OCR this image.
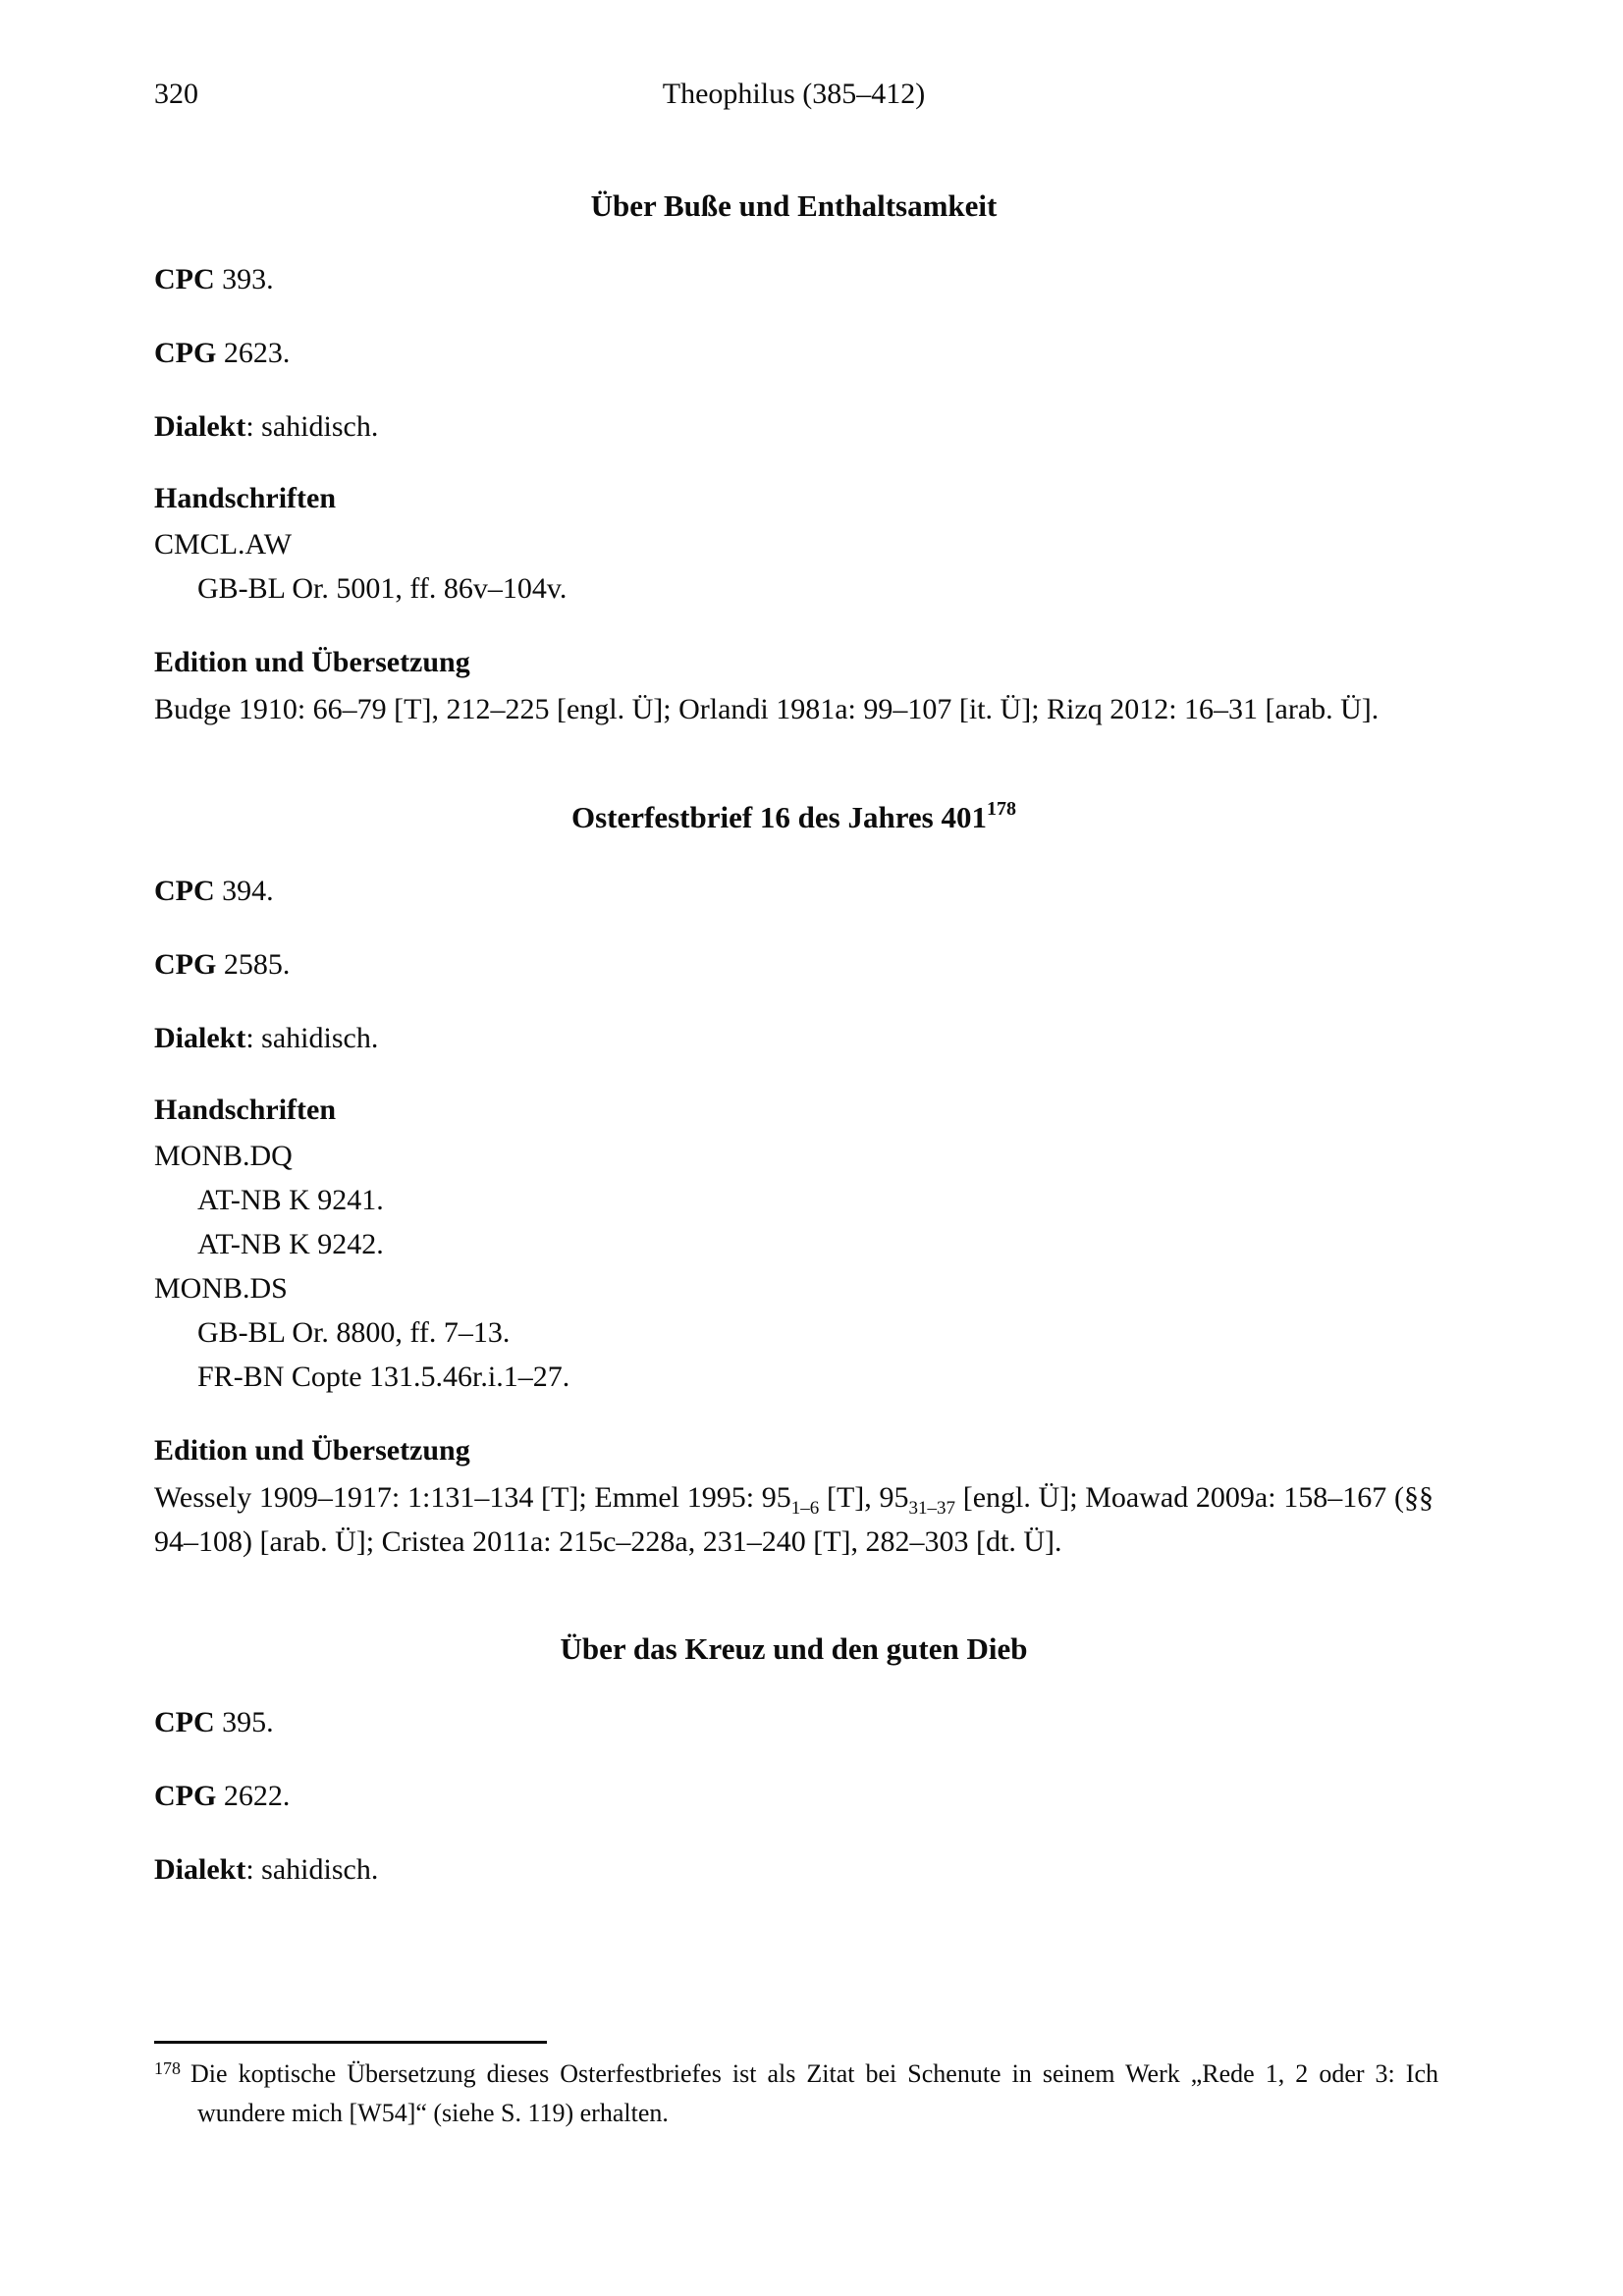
320	Theophilus (385–412)
Über Buße und Enthaltsamkeit

CPC 393.

CPG 2623.

Dialekt: sahidisch.

Handschriften

CMCL.AW
GB-BL Or. 5001, ff. 86v–104v.

Edition und Übersetzung

Budge 1910: 66–79 [T], 212–225 [engl. Ü]; Orlandi 1981a: 99–107 [it. Ü]; Rizq 2012: 16–31 [arab. Ü].

Osterfestbrief 16 des Jahres $401^{178}$

CPC 394.

CPG 2585.

Dialekt: sahidisch.

Handschriften

MONB.DQ
AT-NB K 9241.
AT-NB K 9242.
MONB.DS
GB-BL Or. 8800, ff. 7–13.
FR-BN Copte 131.5.46r.i.1–27.

Edition und Übersetzung

Wessely 1909–1917: 1:131–134 [T]; Emmel 1995: $95_{1-6}$ [T], $95_{31-37}$ [engl. Ü]; Moawad 2009a: 158–167 (§§ 94–108) [arab. Ü]; Cristea 2011a: 215c–228a, 231–240 [T], 282–303 [dt. Ü].

Über das Kreuz und den guten Dieb

CPC 395.

CPG 2622.

Dialekt: sahidisch.

$^{178}$ Die koptische Übersetzung dieses Osterfestbriefes ist als Zitat bei Schenute in seinem Werk „Rede 1, 2 oder 3: Ich wundere mich [W54]“ (siehe S. 119) erhalten.
